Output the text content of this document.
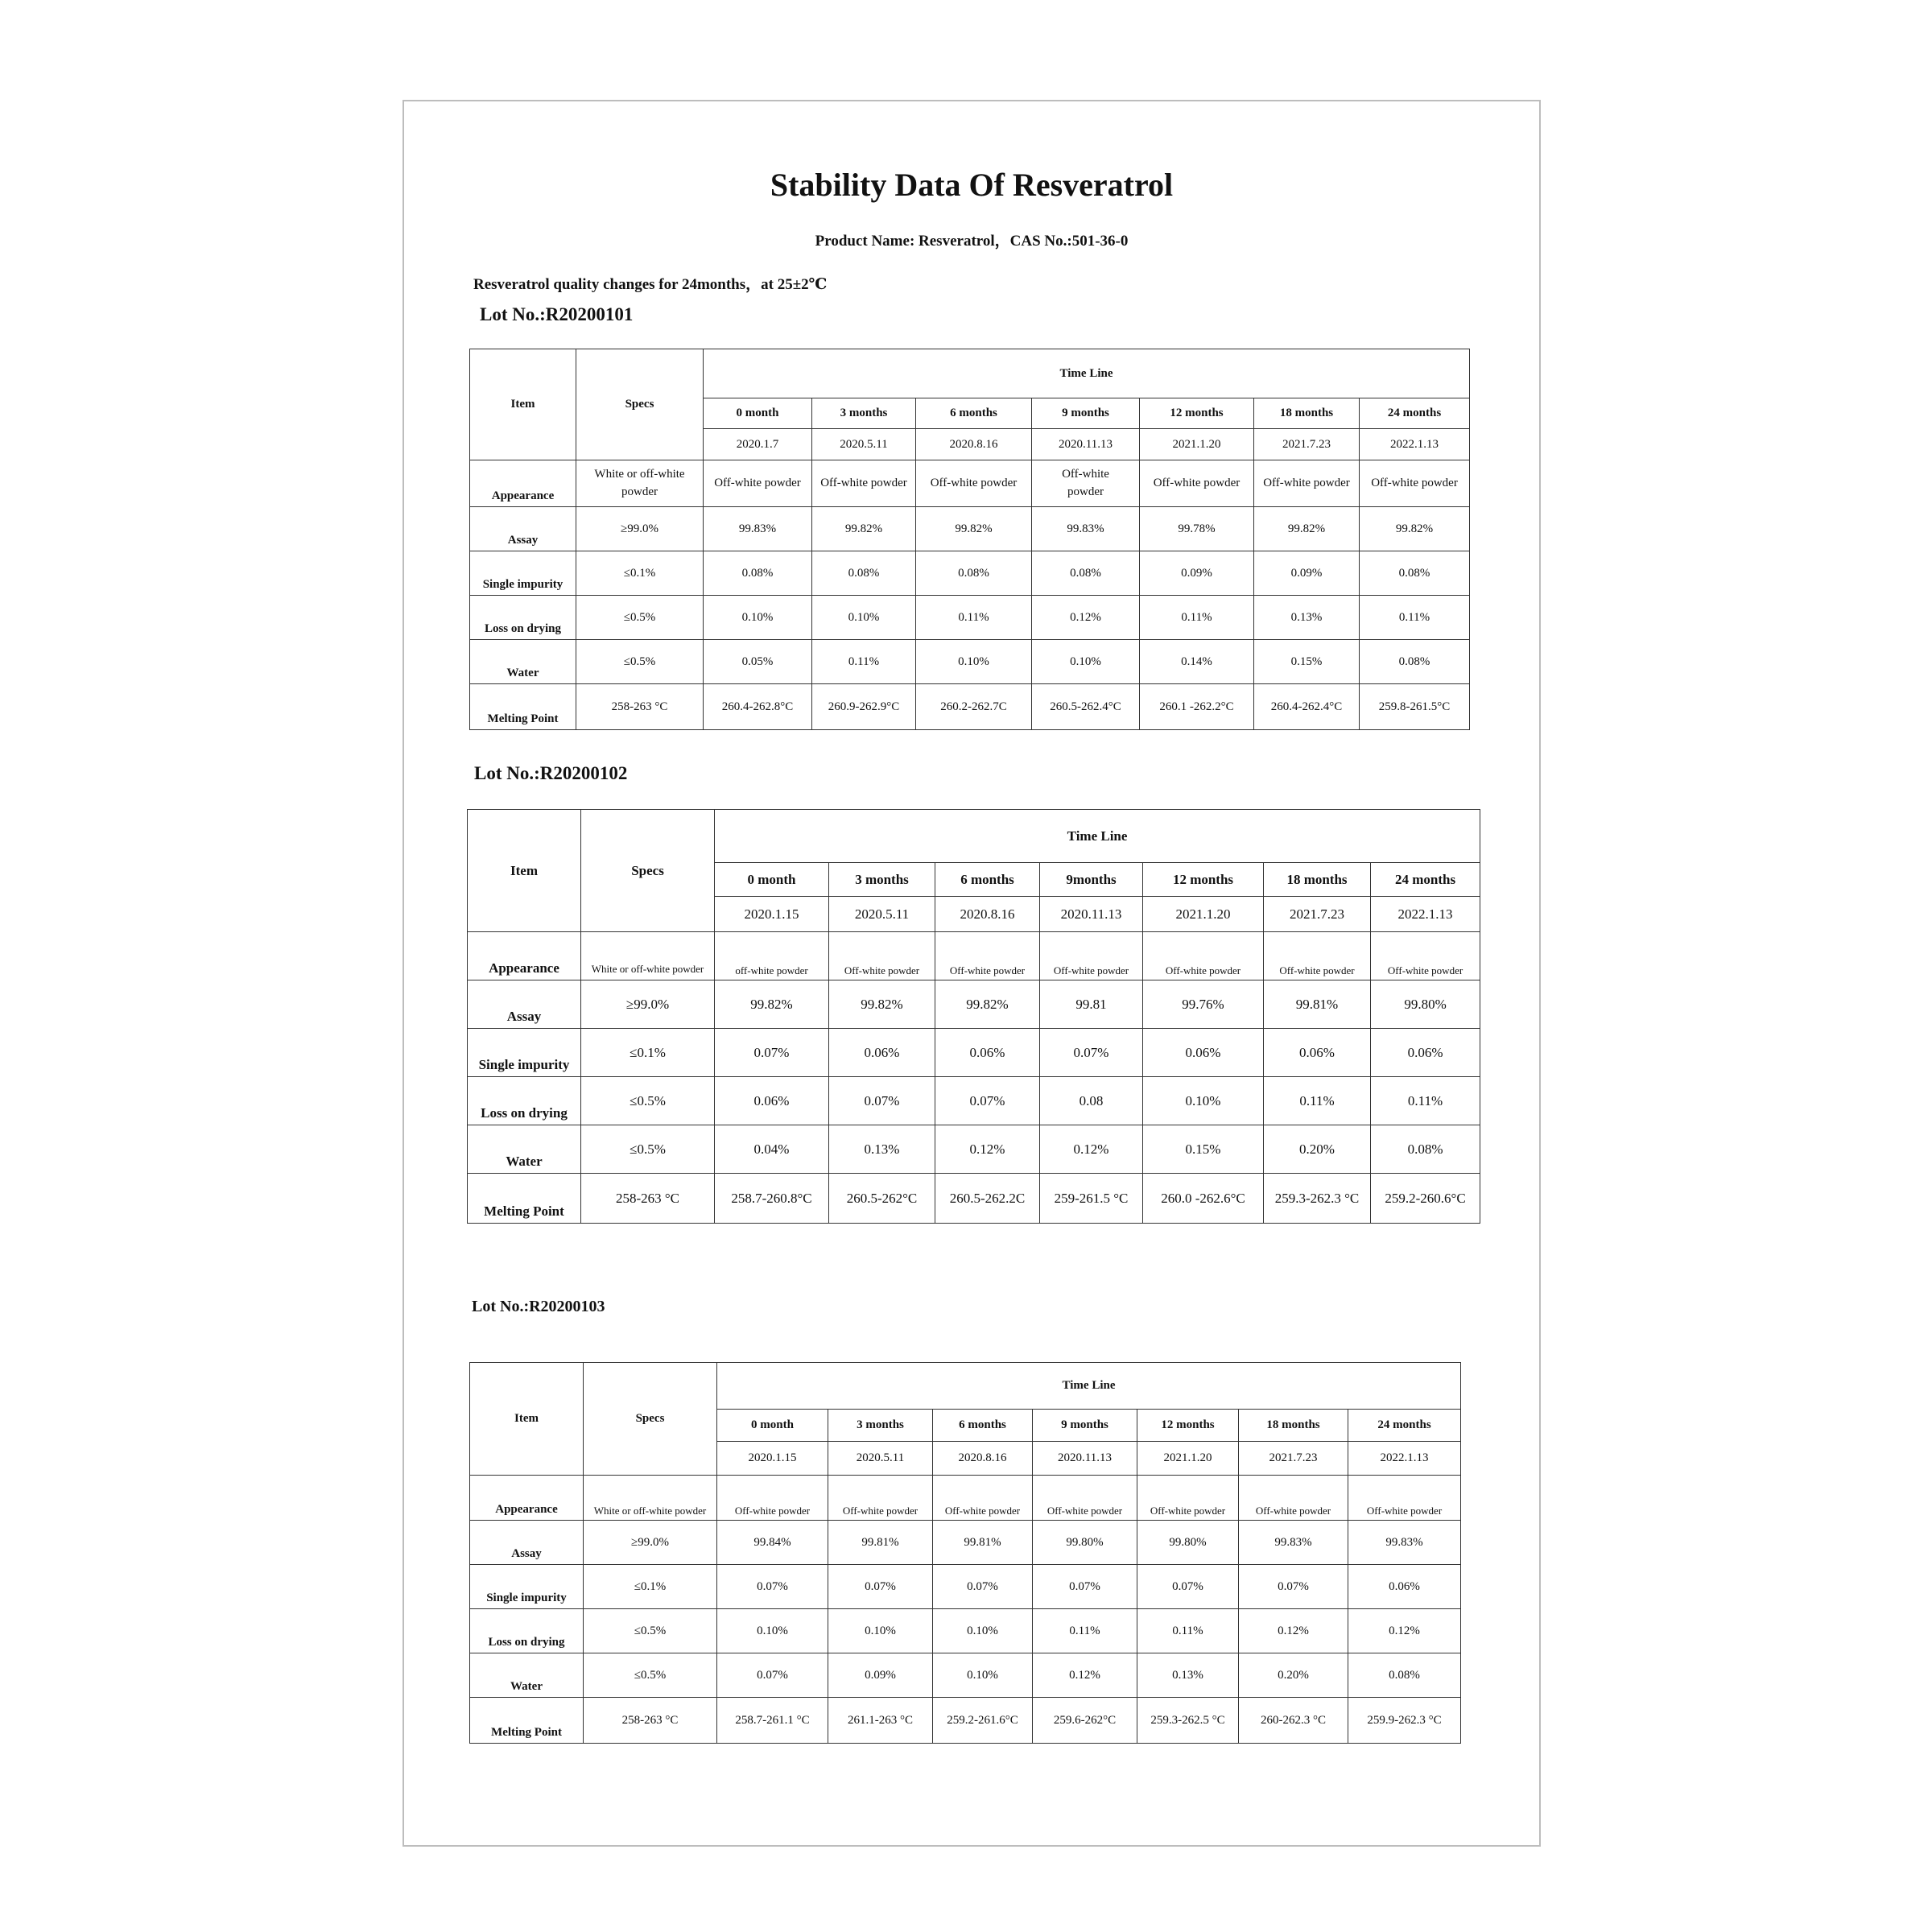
Stability Data Of Resveratrol
Product Name: Resveratrol，CAS No.:501-36-0
Resveratrol quality changes for 24months，at 25±2℃
Lot No.:R20200101
Item	Specs	Time Line						
		0 month	3 months	6 months	9 months	12 months	18 months	24 months
		2020.1.7	2020.5.11	2020.8.16	2020.11.13	2021.1.20	2021.7.23	2022.1.13
Appearance	White or off-white powder	Off-white powder	Off-white powder	Off-white powder	Off-white powder	Off-white powder	Off-white powder	Off-white powder
Assay	≥99.0%	99.83%	99.82%	99.82%	99.83%	99.78%	99.82%	99.82%
Single impurity	≤0.1%	0.08%	0.08%	0.08%	0.08%	0.09%	0.09%	0.08%
Loss on drying	≤0.5%	0.10%	0.10%	0.11%	0.12%	0.11%	0.13%	0.11%
Water	≤0.5%	0.05%	0.11%	0.10%	0.10%	0.14%	0.15%	0.08%
Melting Point	258-263 °C	260.4-262.8°C	260.9-262.9°C	260.2-262.7C	260.5-262.4°C	260.1 -262.2°C	260.4-262.4°C	259.8-261.5°C
Lot No.:R20200102
Item	Specs	Time Line						
		0 month	3 months	6 months	9months	12 months	18 months	24 months
		2020.1.15	2020.5.11	2020.8.16	2020.11.13	2021.1.20	2021.7.23	2022.1.13
Appearance	White or off-white powder	off-white powder	Off-white powder	Off-white powder	Off-white powder	Off-white powder	Off-white powder	Off-white powder
Assay	≥99.0%	99.82%	99.82%	99.82%	99.81	99.76%	99.81%	99.80%
Single impurity	≤0.1%	0.07%	0.06%	0.06%	0.07%	0.06%	0.06%	0.06%
Loss on drying	≤0.5%	0.06%	0.07%	0.07%	0.08	0.10%	0.11%	0.11%
Water	≤0.5%	0.04%	0.13%	0.12%	0.12%	0.15%	0.20%	0.08%
Melting Point	258-263 °C	258.7-260.8°C	260.5-262°C	260.5-262.2C	259-261.5 °C	260.0 -262.6°C	259.3-262.3 °C	259.2-260.6°C
Lot No.:R20200103
Item	Specs	Time Line						
		0 month	3 months	6 months	9 months	12 months	18 months	24 months
		2020.1.15	2020.5.11	2020.8.16	2020.11.13	2021.1.20	2021.7.23	2022.1.13
Appearance	White or off-white powder	Off-white powder	Off-white powder	Off-white powder	Off-white powder	Off-white powder	Off-white powder	Off-white powder
Assay	≥99.0%	99.84%	99.81%	99.81%	99.80%	99.80%	99.83%	99.83%
Single impurity	≤0.1%	0.07%	0.07%	0.07%	0.07%	0.07%	0.07%	0.06%
Loss on drying	≤0.5%	0.10%	0.10%	0.10%	0.11%	0.11%	0.12%	0.12%
Water	≤0.5%	0.07%	0.09%	0.10%	0.12%	0.13%	0.20%	0.08%
Melting Point	258-263 °C	258.7-261.1 °C	261.1-263 °C	259.2-261.6°C	259.6-262°C	259.3-262.5 °C	260-262.3 °C	259.9-262.3 °C
